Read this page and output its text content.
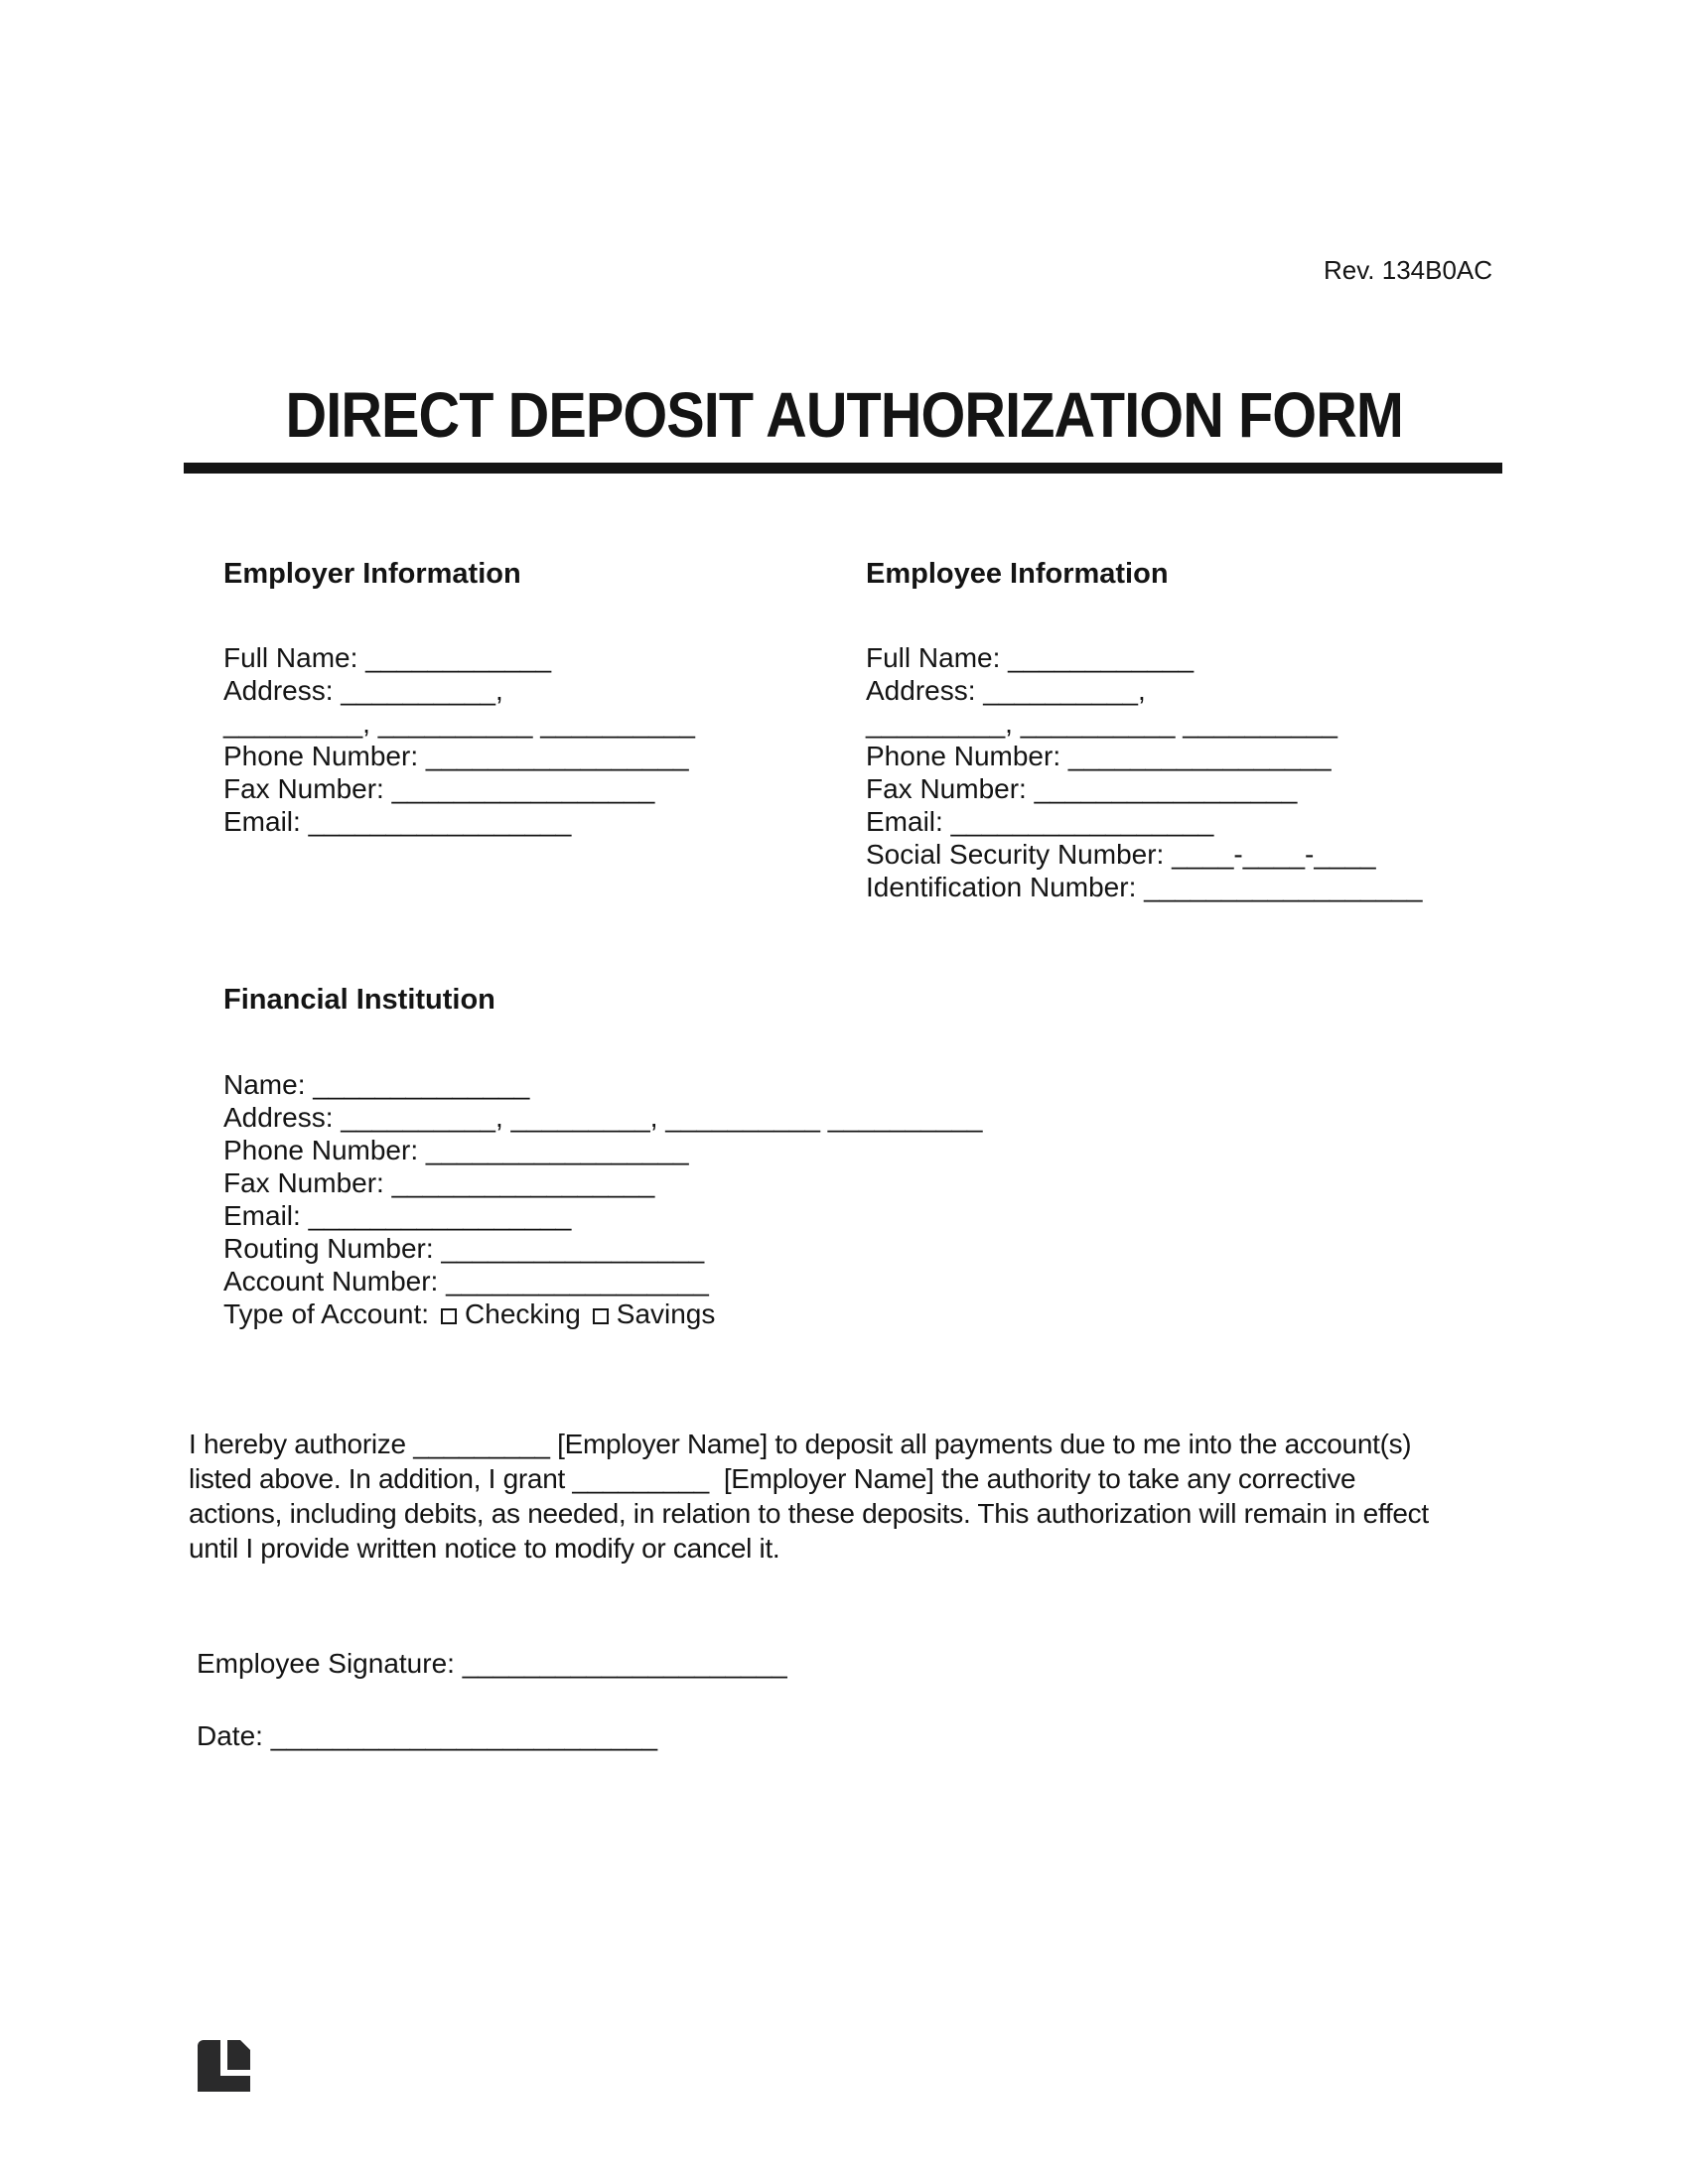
Rev. 134B0AC
DIRECT DEPOSIT AUTHORIZATION FORM
Employer Information
Full Name: ____________
Address: __________,
_________, __________ __________
Phone Number: _________________
Fax Number: _________________
Email: _________________
Employee Information
Full Name: ____________
Address: __________,
_________, __________ __________
Phone Number: _________________
Fax Number: _________________
Email: _________________
Social Security Number: ____-____-____
Identification Number: __________________
Financial Institution
Name: ______________
Address: __________, _________, __________ __________
Phone Number: _________________
Fax Number: _________________
Email: _________________
Routing Number: _________________
Account Number: _________________
Type of Account: Checking Savings
I hereby authorize _________ [Employer Name] to deposit all payments due to me into the account(s)
listed above. In addition, I grant _________  [Employer Name] the authority to take any corrective
actions, including debits, as needed, in relation to these deposits. This authorization will remain in effect
until I provide written notice to modify or cancel it.
Employee Signature: _____________________
Date: _________________________
